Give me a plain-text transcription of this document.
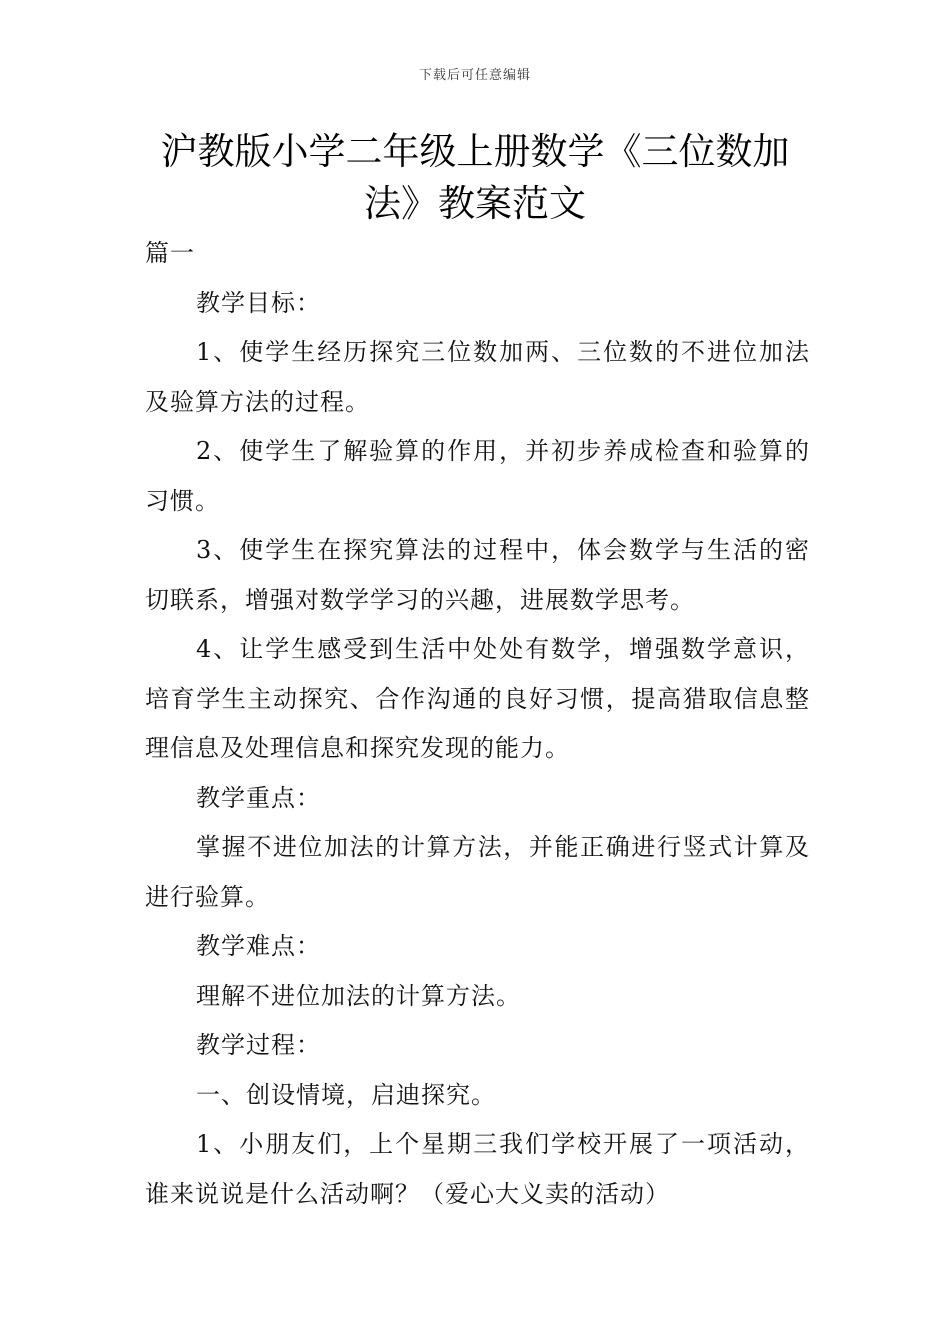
下载后可任意编辑
沪教版小学二年级上册数学《三位数加
法》教案范文

篇一

教学目标：

1、使学生经历探究三位数加两、三位数的不进位加法及验算方法的过程。

2、使学生了解验算的作用，并初步养成检查和验算的习惯。

3、使学生在探究算法的过程中，体会数学与生活的密切联系，增强对数学学习的兴趣，进展数学思考。

4、让学生感受到生活中处处有数学，增强数学意识，培育学生主动探究、合作沟通的良好习惯，提高猎取信息整理信息及处理信息和探究发现的能力。

教学重点：

掌握不进位加法的计算方法，并能正确进行竖式计算及进行验算。

教学难点：

理解不进位加法的计算方法。

教学过程：

一、创设情境，启迪探究。

1、小朋友们，上个星期三我们学校开展了一项活动，谁来说说是什么活动啊？（爱心大义卖的活动）
